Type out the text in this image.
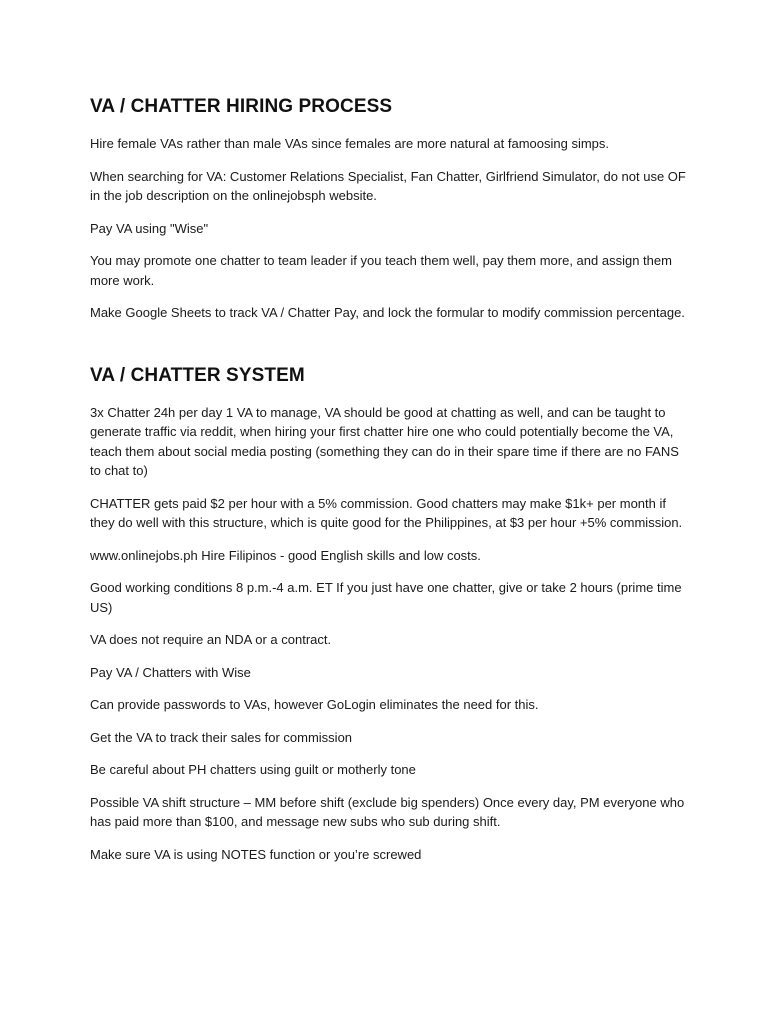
VA / CHATTER HIRING PROCESS

Hire female VAs rather than male VAs since females are more natural at famoosing simps.

When searching for VA: Customer Relations Specialist, Fan Chatter, Girlfriend Simulator, do not use OF in the job description on the onlinejobsph website.

Pay VA using "Wise"

You may promote one chatter to team leader if you teach them well, pay them more, and assign them more work.

Make Google Sheets to track VA / Chatter Pay, and lock the formular to modify commission percentage.

VA / CHATTER SYSTEM

3x Chatter 24h per day 1 VA to manage, VA should be good at chatting as well, and can be taught to generate traffic via reddit, when hiring your first chatter hire one who could potentially become the VA, teach them about social media posting (something they can do in their spare time if there are no FANS to chat to)

CHATTER gets paid $2 per hour with a 5% commission. Good chatters may make $1k+ per month if they do well with this structure, which is quite good for the Philippines, at $3 per hour +5% commission.

www.onlinejobs.ph Hire Filipinos - good English skills and low costs.

Good working conditions 8 p.m.-4 a.m. ET If you just have one chatter, give or take 2 hours (prime time US)

VA does not require an NDA or a contract.

Pay VA / Chatters with Wise

Can provide passwords to VAs, however GoLogin eliminates the need for this.

Get the VA to track their sales for commission

Be careful about PH chatters using guilt or motherly tone

Possible VA shift structure – MM before shift (exclude big spenders) Once every day, PM everyone who has paid more than $100, and message new subs who sub during shift.

Make sure VA is using NOTES function or you’re screwed
